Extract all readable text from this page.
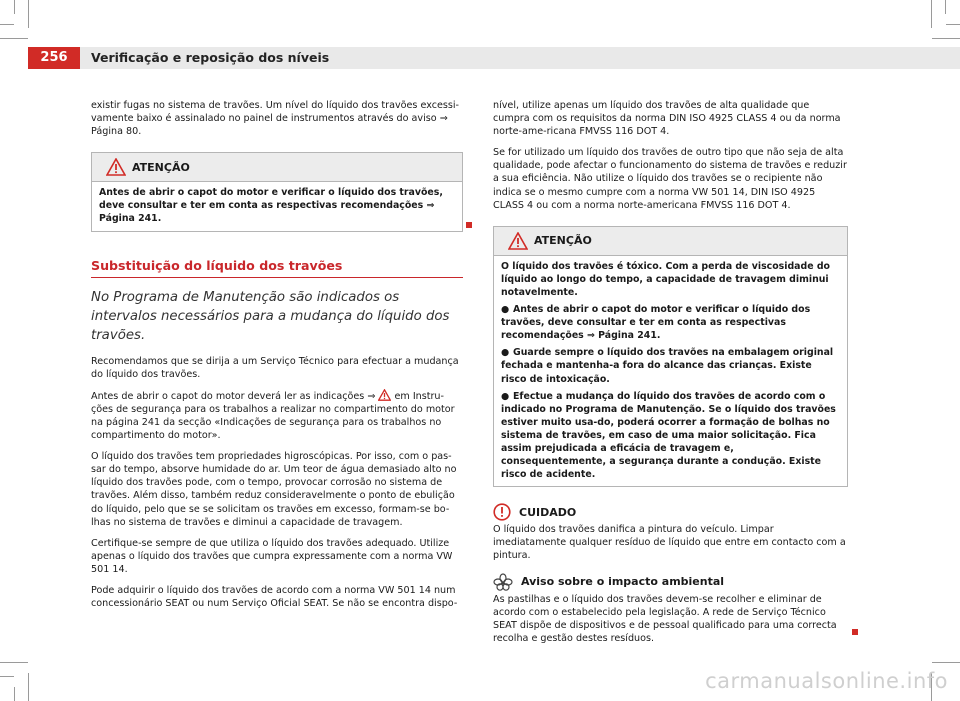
256	Verificação e reposição dos níveis

existir fugas no sistema de travões. Um nível do líquido dos travões excessi-vamente baixo é assinalado no painel de instrumentos através do aviso ⇒ Página 80.

ATENÇÃO

Antes de abrir o capot do motor e verificar o líquido dos travões, deve consultar e ter em conta as respectivas recomendações ⇒ Página 241.

Substituição do líquido dos travões
No Programa de Manutenção são indicados os intervalos necessários para a mudança do líquido dos travões.

Recomendamos que se dirija a um Serviço Técnico para efectuar a mudança do líquido dos travões.

Antes de abrir o capot do motor deverá ler as indicações ⇒ em Instru-ções de segurança para os trabalhos a realizar no compartimento do motor na página 241 da secção «Indicações de segurança para os trabalhos no compartimento do motor».

O líquido dos travões tem propriedades higroscópicas. Por isso, com o pas-sar do tempo, absorve humidade do ar. Um teor de água demasiado alto no líquido dos travões pode, com o tempo, provocar corrosão no sistema de travões. Além disso, também reduz consideravelmente o ponto de ebulição do líquido, pelo que se se solicitam os travões em excesso, formam-se bo-lhas no sistema de travões e diminui a capacidade de travagem.

Certifique-se sempre de que utiliza o líquido dos travões adequado. Utilize apenas o líquido dos travões que cumpra expressamente com a norma VW 501 14.

Pode adquirir o líquido dos travões de acordo com a norma VW 501 14 num concessionário SEAT ou num Serviço Oficial SEAT. Se não se encontra dispo-

nível, utilize apenas um líquido dos travões de alta qualidade que cumpra com os requisitos da norma DIN ISO 4925 CLASS 4 ou da norma norte-ame-ricana FMVSS 116 DOT 4.

Se for utilizado um líquido dos travões de outro tipo que não seja de alta qualidade, pode afectar o funcionamento do sistema de travões e reduzir a sua eficiência. Não utilize o líquido dos travões se o recipiente não indica se o mesmo cumpre com a norma VW 501 14, DIN ISO 4925 CLASS 4 ou com a norma norte-americana FMVSS 116 DOT 4.

ATENÇÃO

O líquido dos travões é tóxico. Com a perda de viscosidade do líquido ao longo do tempo, a capacidade de travagem diminui notavelmente.

● Antes de abrir o capot do motor e verificar o líquido dos travões, deve consultar e ter em conta as respectivas recomendações ⇒ Página 241.

● Guarde sempre o líquido dos travões na embalagem original fechada e mantenha-a fora do alcance das crianças. Existe risco de intoxicação.

● Efectue a mudança do líquido dos travões de acordo com o indicado no Programa de Manutenção. Se o líquido dos travões estiver muito usa-do, poderá ocorrer a formação de bolhas no sistema de travões, em caso de uma maior solicitação. Fica assim prejudicada a eficácia de travagem e, consequentemente, a segurança durante a condução. Existe risco de acidente.

CUIDADO

O líquido dos travões danifica a pintura do veículo. Limpar imediatamente qualquer resíduo de líquido que entre em contacto com a pintura.

Aviso sobre o impacto ambiental

As pastilhas e o líquido dos travões devem-se recolher e eliminar de acordo com o estabelecido pela legislação. A rede de Serviço Técnico SEAT dispõe de dispositivos e de pessoal qualificado para uma correcta recolha e gestão destes resíduos.

carmanualsonline.info
